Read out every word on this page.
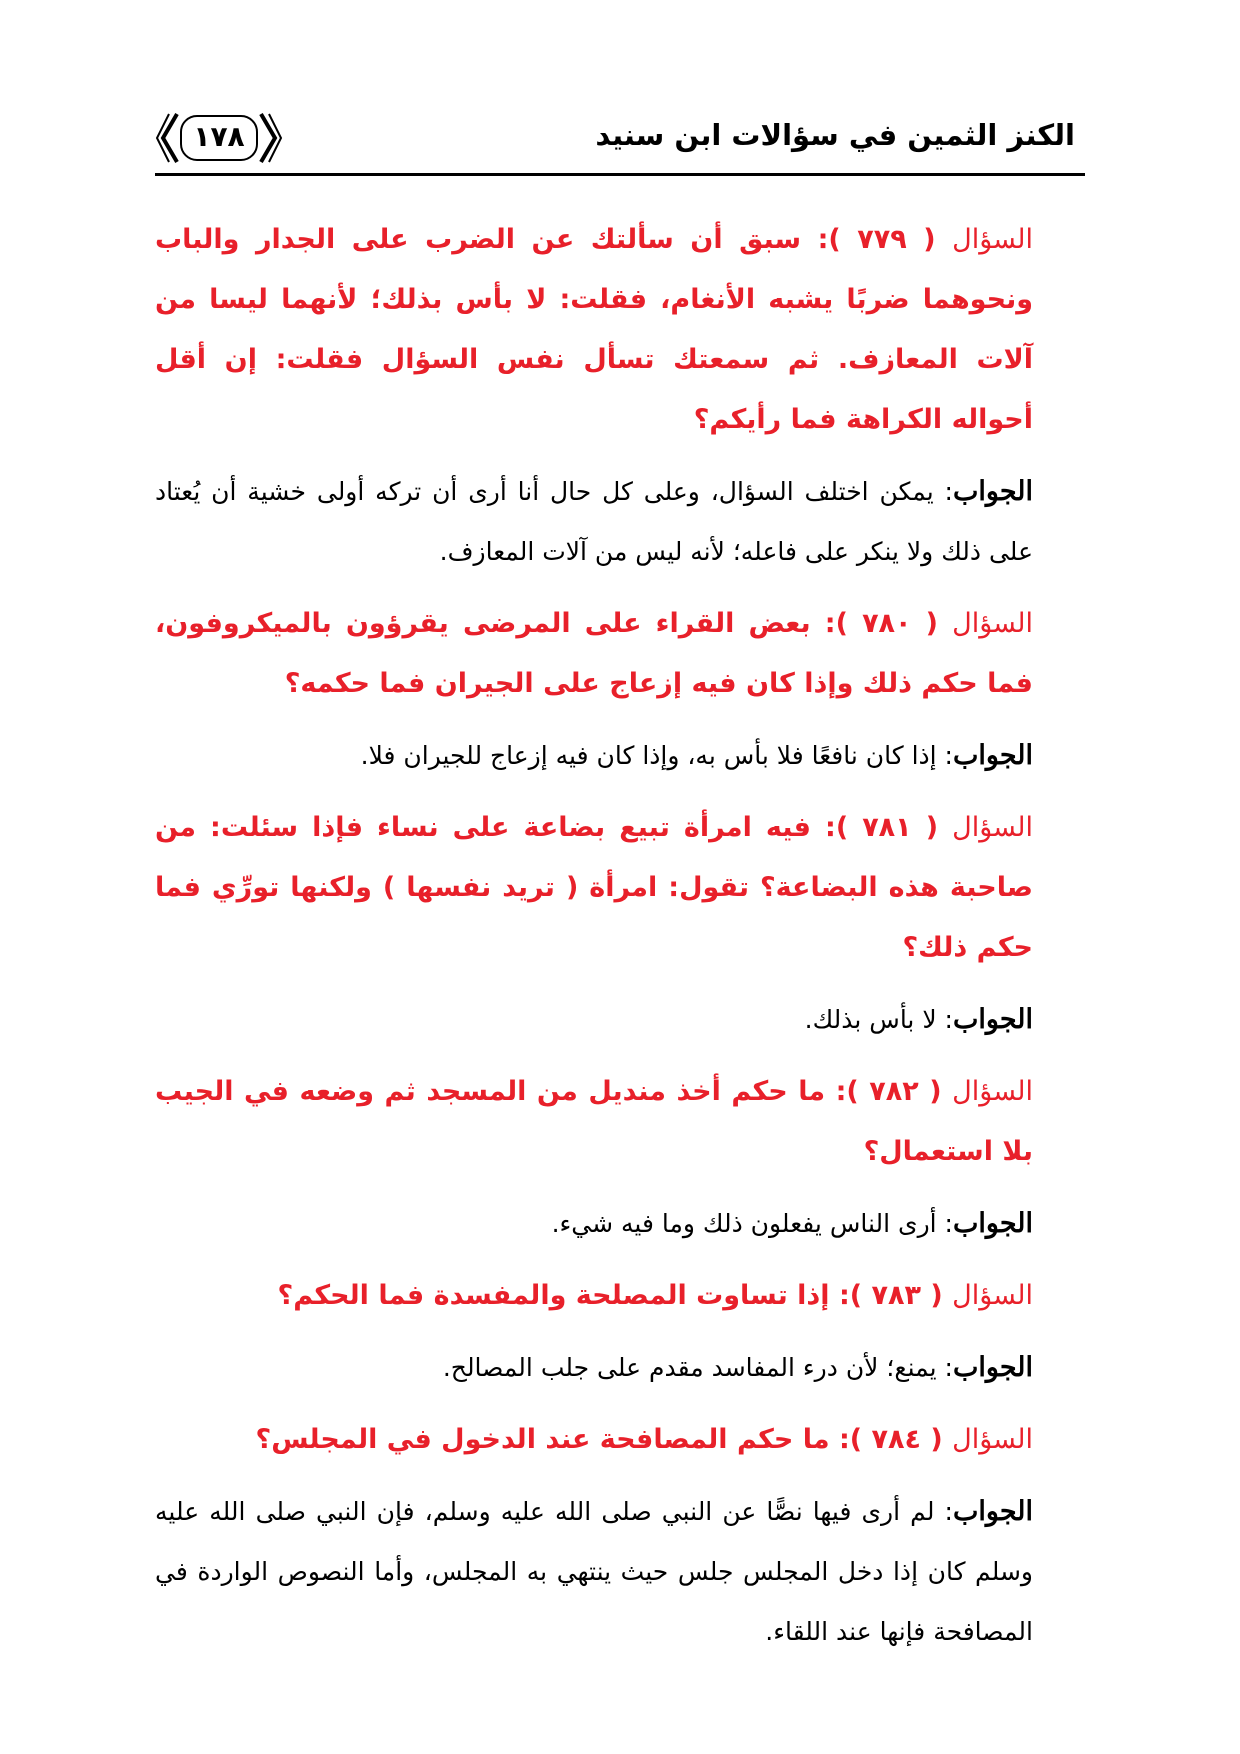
١٧٨	الكنز الثمين في سؤالات ابن سنيد

السؤال ( ٧٧٩ ): سبق أن سألتك عن الضرب على الجدار والباب ونحوهما ضربًا يشبه الأنغام، فقلت: لا بأس بذلك؛ لأنهما ليسا من آلات المعازف. ثم سمعتك تسأل نفس السؤال فقلت: إن أقل أحواله الكراهة فما رأيكم؟

الجواب: يمكن اختلف السؤال، وعلى كل حال أنا أرى أن تركه أولى خشية أن يُعتاد على ذلك ولا ينكر على فاعله؛ لأنه ليس من آلات المعازف.

السؤال ( ٧٨٠ ): بعض القراء على المرضى يقرؤون بالميكروفون، فما حكم ذلك وإذا كان فيه إزعاج على الجيران فما حكمه؟

الجواب: إذا كان نافعًا فلا بأس به، وإذا كان فيه إزعاج للجيران فلا.

السؤال ( ٧٨١ ): فيه امرأة تبيع بضاعة على نساء فإذا سئلت: من صاحبة هذه البضاعة؟ تقول: امرأة ( تريد نفسها ) ولكنها تورِّي فما حكم ذلك؟

الجواب: لا بأس بذلك.

السؤال ( ٧٨٢ ): ما حكم أخذ منديل من المسجد ثم وضعه في الجيب بلا استعمال؟

الجواب: أرى الناس يفعلون ذلك وما فيه شيء.

السؤال ( ٧٨٣ ): إذا تساوت المصلحة والمفسدة فما الحكم؟

الجواب: يمنع؛ لأن درء المفاسد مقدم على جلب المصالح.

السؤال ( ٧٨٤ ): ما حكم المصافحة عند الدخول في المجلس؟

الجواب: لم أرى فيها نصًّا عن النبي صلى الله عليه وسلم، فإن النبي صلى الله عليه وسلم كان إذا دخل المجلس جلس حيث ينتهي به المجلس، وأما النصوص الواردة في المصافحة فإنها عند اللقاء.
